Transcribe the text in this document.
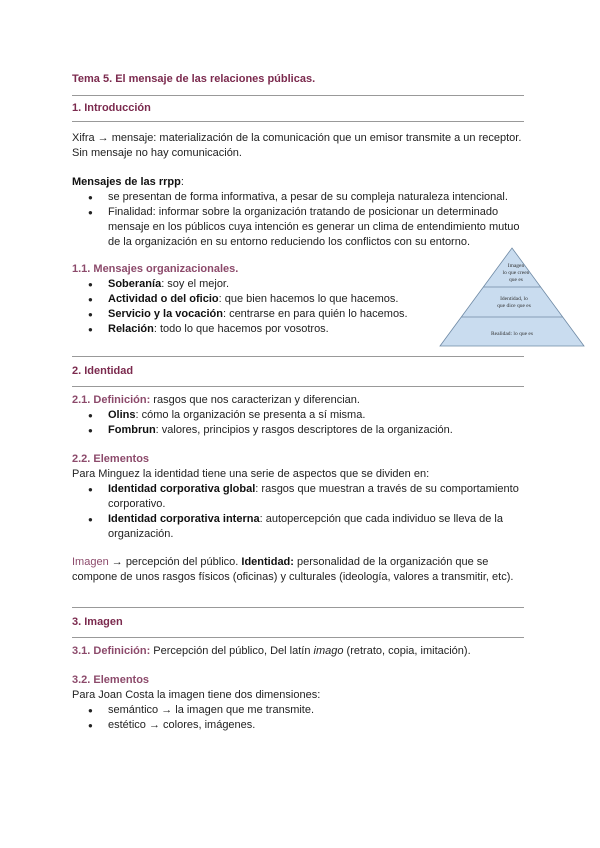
Tema 5. El mensaje de las relaciones públicas.
1. Introducción

Xifra → mensaje: materialización de la comunicación que un emisor transmite a un receptor.

Sin mensaje no hay comunicación.

Mensajes de las rrpp:

● se presentan de forma informativa, a pesar de su compleja naturaleza intencional.
● Finalidad: informar sobre la organización tratando de posicionar un determinado
mensaje en los públicos cuya intención es generar un clima de entendimiento mutuo
de la organización en su entorno reduciendo los conflictos con su entorno.

1.1. Mensajes organizacionales.

● Soberanía: soy el mejor.
● Actividad o del oficio: que bien hacemos lo que hacemos.
● Servicio y la vocación: centrarse en para quién lo hacemos.
● Relación: todo lo que hacemos por vosotros.
2. Identidad

2.1. Definición: rasgos que nos caracterizan y diferencian.

● Olins: cómo la organización se presenta a sí misma.
● Fombrun: valores, principios y rasgos descriptores de la organización.

2.2. Elementos

Para Minguez la identidad tiene una serie de aspectos que se dividen en:

● Identidad corporativa global: rasgos que muestran a través de su comportamiento
corporativo.
● Identidad corporativa interna: autopercepción que cada individuo se lleva de la
organización.

Imagen → percepción del público. Identidad: personalidad de la organización que se

compone de unos rasgos físicos (oficinas) y culturales (ideología, valores a transmitir, etc).

3. Imagen

3.1. Definición: Percepción del público, Del latín imago (retrato, copia, imitación).

3.2. Elementos

Para Joan Costa la imagen tiene dos dimensiones:

● semántico → la imagen que me transmite.
● estético → colores, imágenes.
Imagen
lo que creen
que es
Identidad, lo
que dice que es
Realidad: lo que es
